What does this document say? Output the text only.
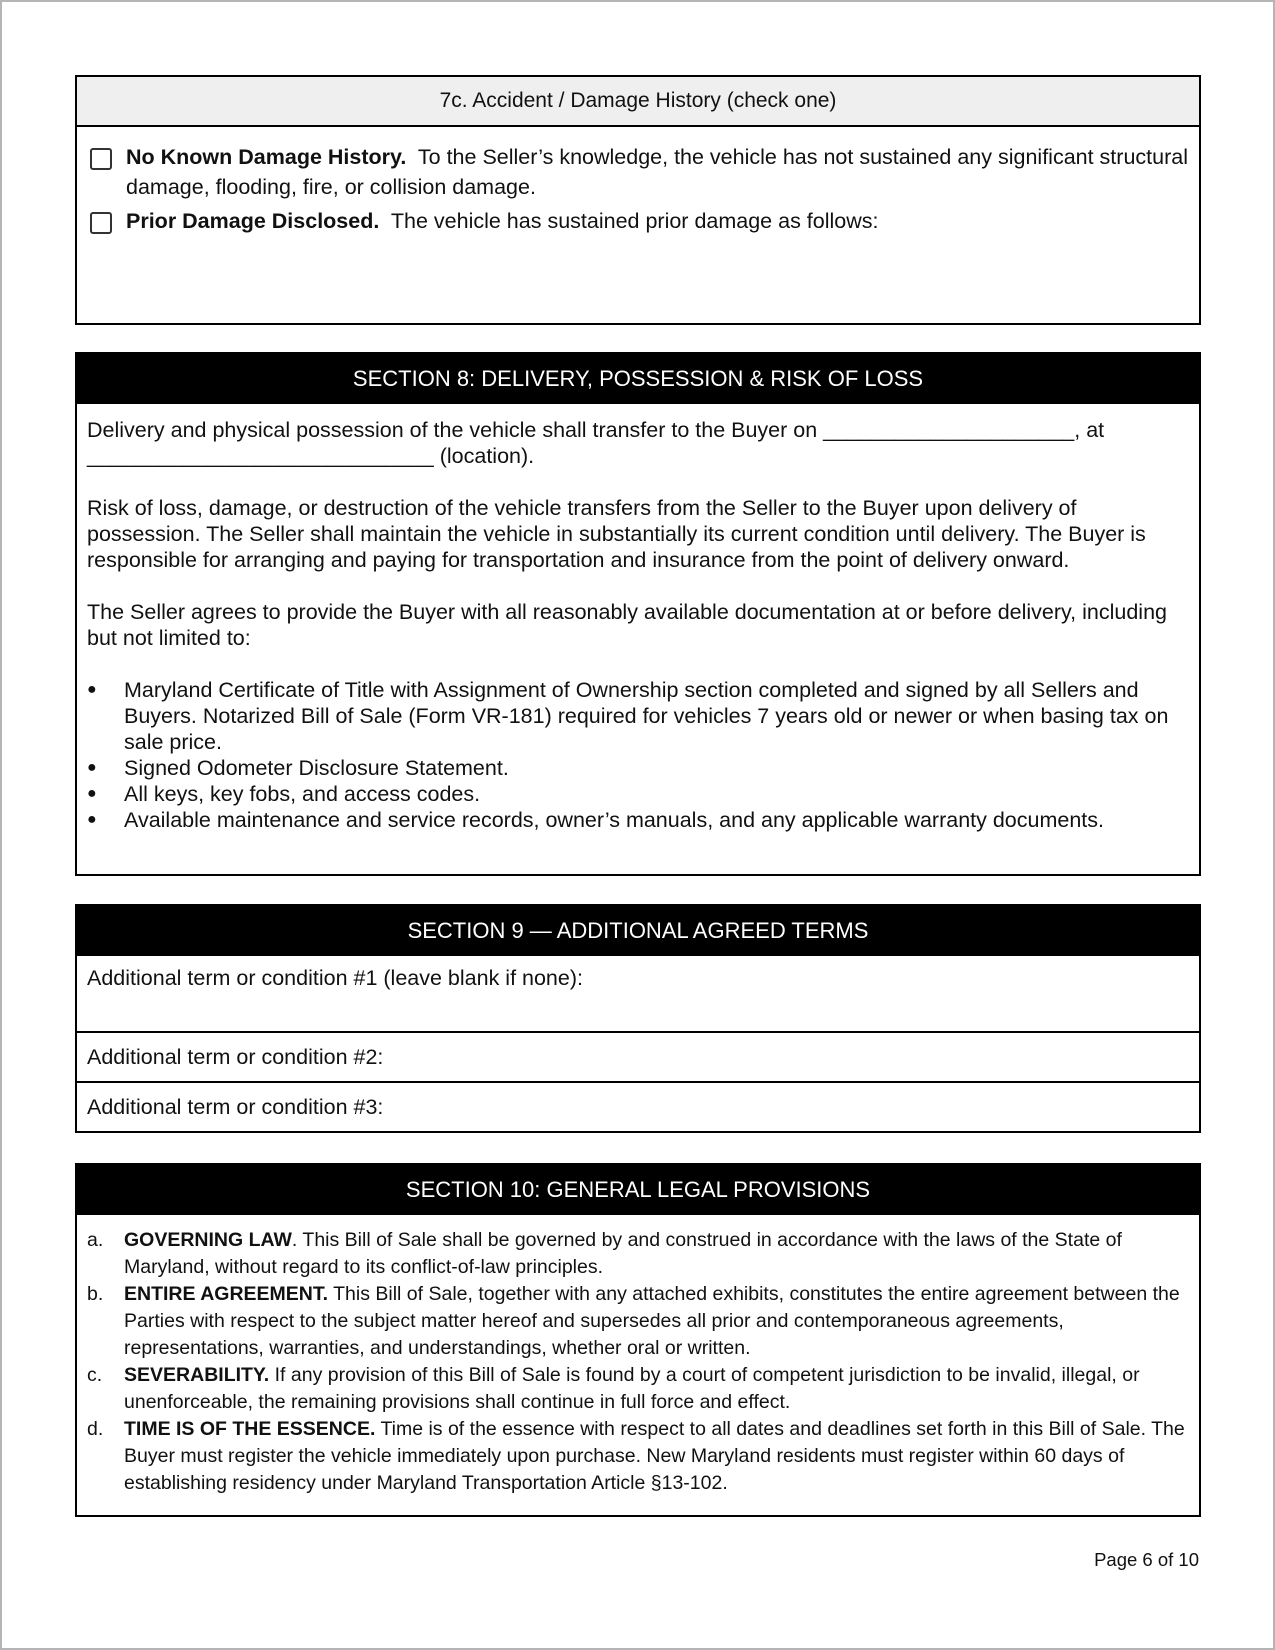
7c. Accident / Damage History (check one)
No Known Damage History. To the Seller’s knowledge, the vehicle has not sustained any significant structural damage, flooding, fire, or collision damage.
Prior Damage Disclosed. The vehicle has sustained prior damage as follows:
SECTION 8: DELIVERY, POSSESSION & RISK OF LOSS

Delivery and physical possession of the vehicle shall transfer to the Buyer on _____________________, at
_____________________________ (location).

Risk of loss, damage, or destruction of the vehicle transfers from the Seller to the Buyer upon delivery of possession. The Seller shall maintain the vehicle in substantially its current condition until delivery. The Buyer is responsible for arranging and paying for transportation and insurance from the point of delivery onward.

The Seller agrees to provide the Buyer with all reasonably available documentation at or before delivery, including but not limited to:

●	Maryland Certificate of Title with Assignment of Ownership section completed and signed by all Sellers and Buyers. Notarized Bill of Sale (Form VR-181) required for vehicles 7 years old or newer or when basing tax on sale price.
●	Signed Odometer Disclosure Statement.
●	All keys, key fobs, and access codes.
●	Available maintenance and service records, owner’s manuals, and any applicable warranty documents.
SECTION 9 — ADDITIONAL AGREED TERMS
Additional term or condition #1 (leave blank if none):
Additional term or condition #2:
Additional term or condition #3:
SECTION 10: GENERAL LEGAL PROVISIONS
a.	GOVERNING LAW. This Bill of Sale shall be governed by and construed in accordance with the laws of the State of Maryland, without regard to its conflict-of-law principles.
b.	ENTIRE AGREEMENT. This Bill of Sale, together with any attached exhibits, constitutes the entire agreement between the Parties with respect to the subject matter hereof and supersedes all prior and contemporaneous agreements, representations, warranties, and understandings, whether oral or written.
c.	SEVERABILITY. If any provision of this Bill of Sale is found by a court of competent jurisdiction to be invalid, illegal, or unenforceable, the remaining provisions shall continue in full force and effect.
d.	TIME IS OF THE ESSENCE. Time is of the essence with respect to all dates and deadlines set forth in this Bill of Sale. The Buyer must register the vehicle immediately upon purchase. New Maryland residents must register within 60 days of establishing residency under Maryland Transportation Article §13-102.
Page 6 of 10
